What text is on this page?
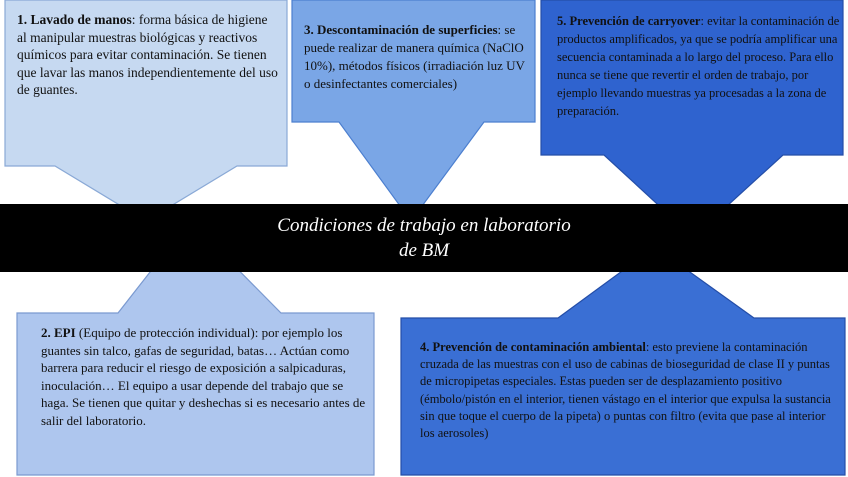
Condiciones de trabajo en laboratorio
de BM
1. Lavado de manos: forma básica de higiene al manipular muestras biológicas y reactivos químicos para evitar contaminación. Se tienen que lavar las manos independientemente del uso de guantes.
3. Descontaminación de superficies: se puede realizar de manera química (NaClO 10%), métodos físicos (irradiación luz UV o desinfectantes comerciales)
5. Prevención de carryover: evitar la contaminación de productos amplificados, ya que se podría amplificar una secuencia contaminada a lo largo del proceso. Para ello nunca se tiene que revertir el orden de trabajo, por ejemplo llevando muestras ya procesadas a la zona de preparación.
2. EPI (Equipo de protección individual): por ejemplo los guantes sin talco, gafas de seguridad, batas… Actúan como barrera para reducir el riesgo de exposición a salpicaduras, inoculación… El equipo a usar depende del trabajo que se haga. Se tienen que quitar y deshechas si es necesario antes de salir del laboratorio.
4. Prevención de contaminación ambiental: esto previene la contaminación cruzada de las muestras con el uso de cabinas de bioseguridad de clase II y puntas de micropipetas especiales. Estas pueden ser de desplazamiento positivo (émbolo/pistón en el interior, tienen vástago en el interior que expulsa la sustancia sin que toque el cuerpo de la pipeta) o puntas con filtro (evita que pase al interior los aerosoles)
